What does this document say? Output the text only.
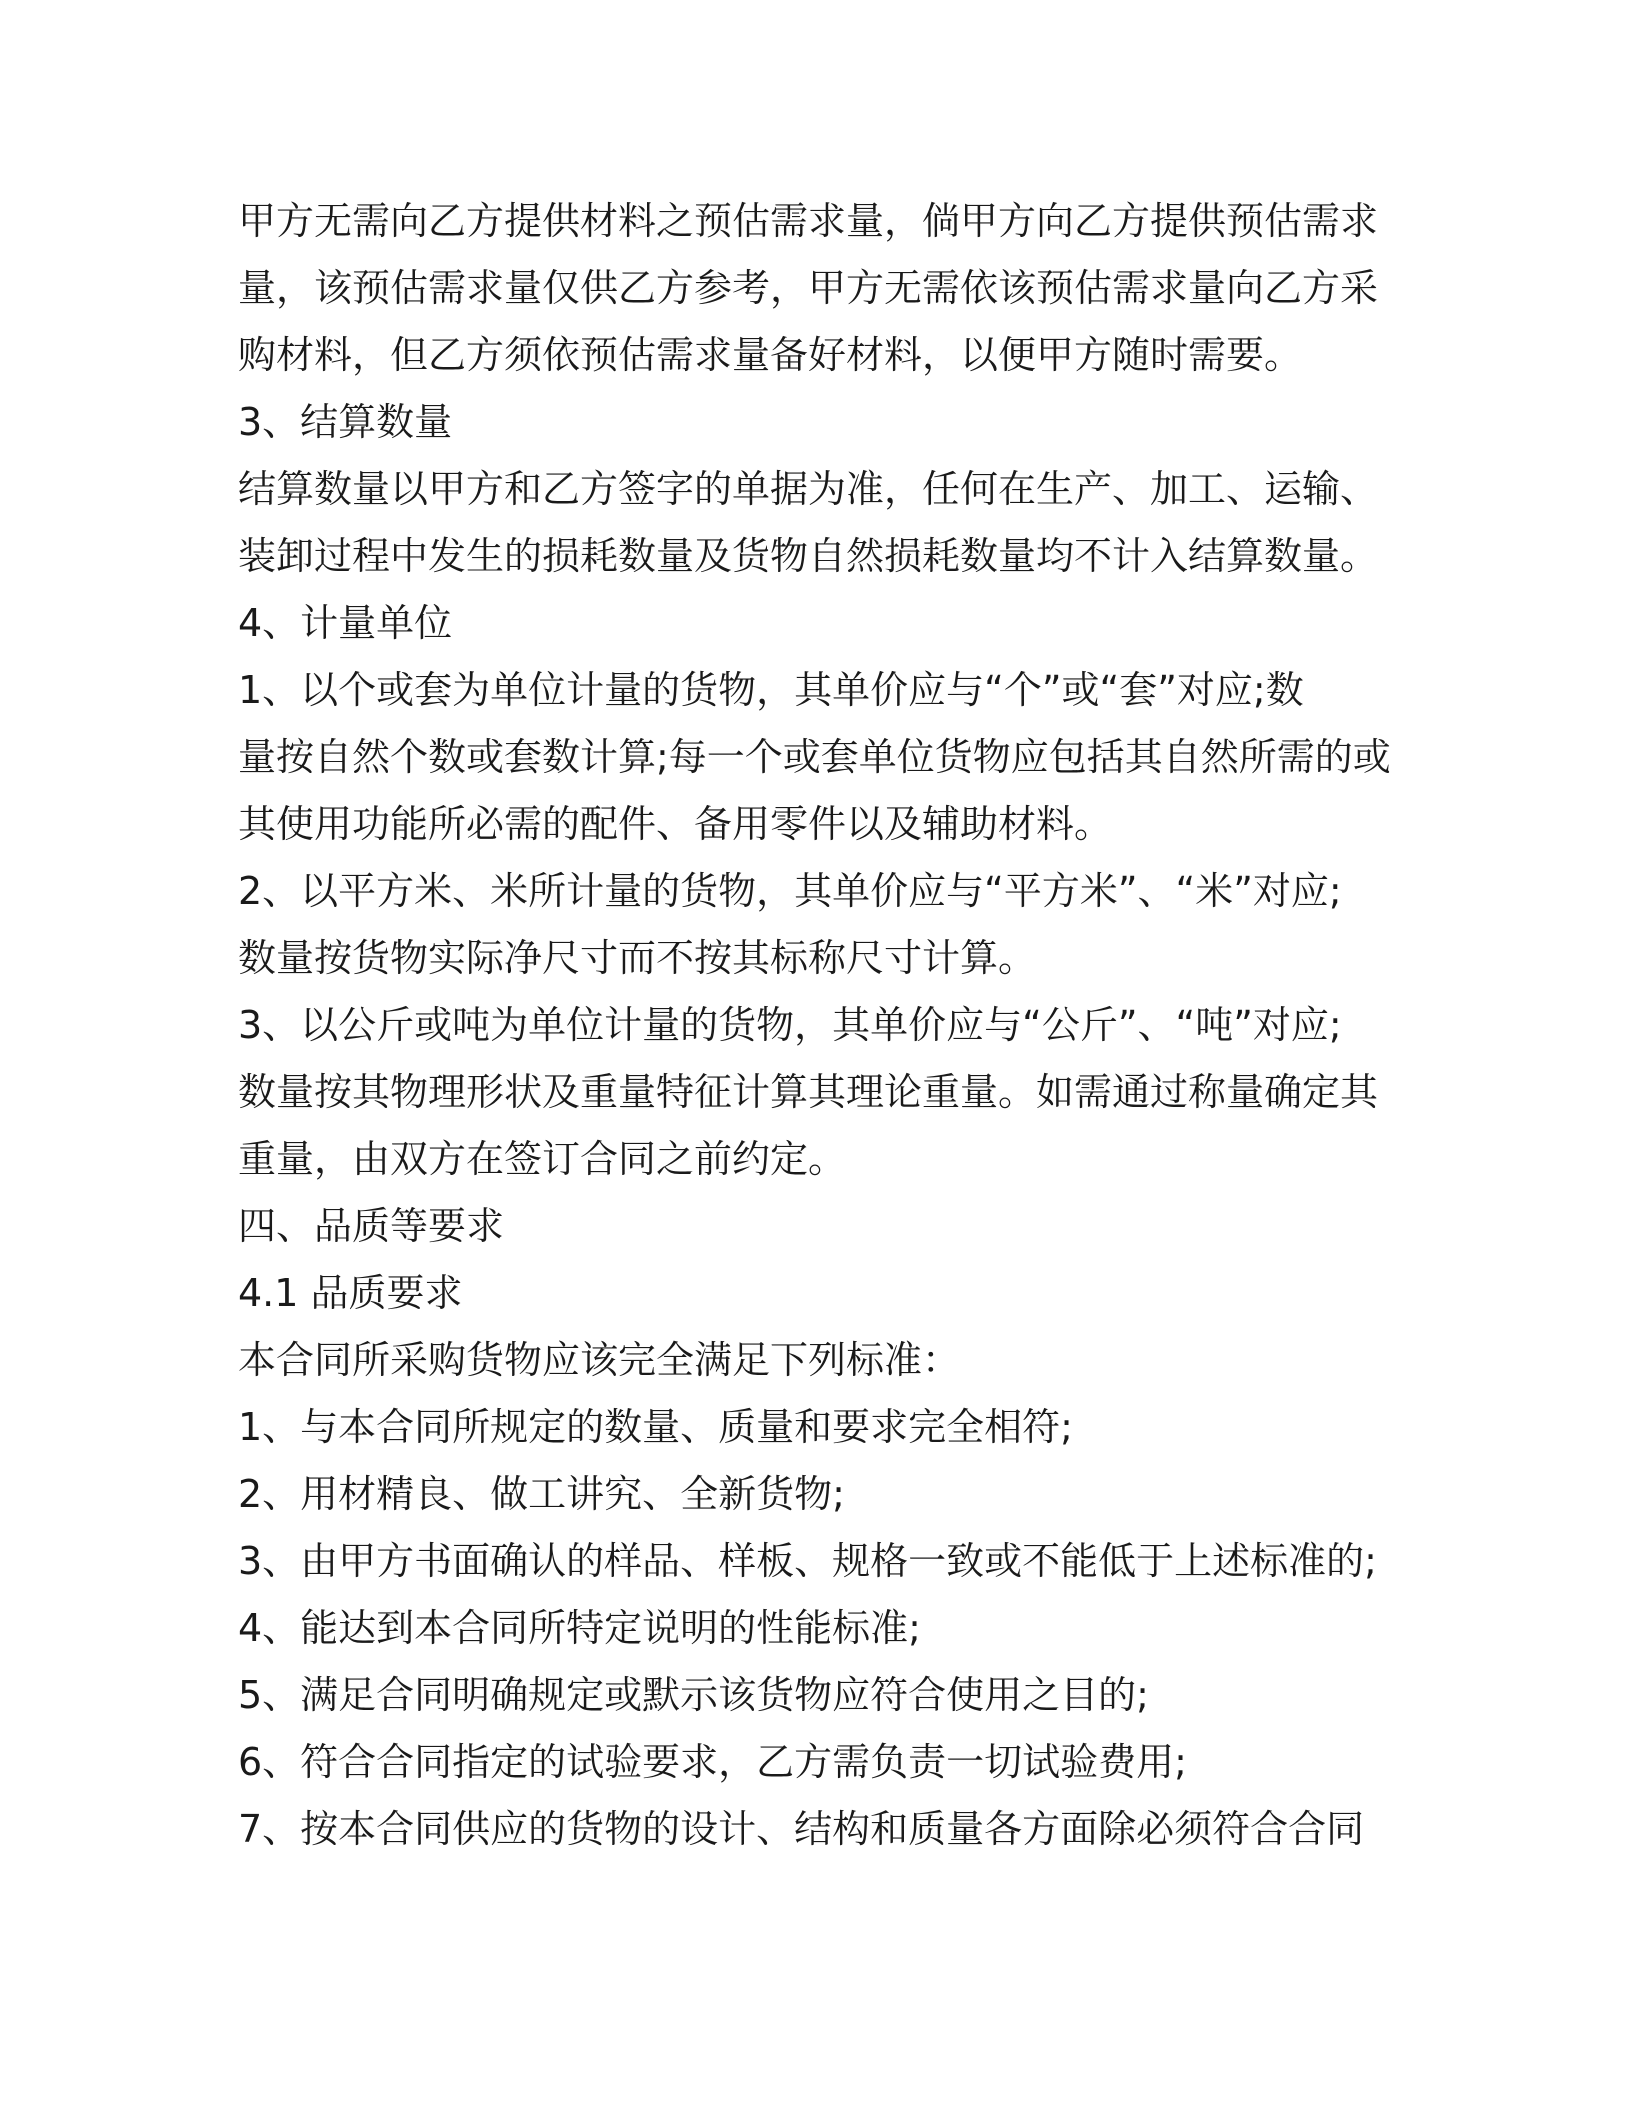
甲方无需向乙方提供材料之预估需求量，倘甲方向乙方提供预估需求
量，该预估需求量仅供乙方参考，甲方无需依该预估需求量向乙方采
购材料，但乙方须依预估需求量备好材料，以便甲方随时需要。
3、结算数量
结算数量以甲方和乙方签字的单据为准，任何在生产、加工、运输、
装卸过程中发生的损耗数量及货物自然损耗数量均不计入结算数量。
4、计量单位
1、以个或套为单位计量的货物，其单价应与“个”或“套”对应;数
量按自然个数或套数计算;每一个或套单位货物应包括其自然所需的或
其使用功能所必需的配件、备用零件以及辅助材料。
2、以平方米、米所计量的货物，其单价应与“平方米”、“米”对应;
数量按货物实际净尺寸而不按其标称尺寸计算。
3、以公斤或吨为单位计量的货物，其单价应与“公斤”、“吨”对应;
数量按其物理形状及重量特征计算其理论重量。如需通过称量确定其
重量，由双方在签订合同之前约定。
四、品质等要求
4.1 品质要求
本合同所采购货物应该完全满足下列标准：
1、与本合同所规定的数量、质量和要求完全相符;
2、用材精良、做工讲究、全新货物;
3、由甲方书面确认的样品、样板、规格一致或不能低于上述标准的;
4、能达到本合同所特定说明的性能标准;
5、满足合同明确规定或默示该货物应符合使用之目的;
6、符合合同指定的试验要求，乙方需负责一切试验费用;
7、按本合同供应的货物的设计、结构和质量各方面除必须符合合同
